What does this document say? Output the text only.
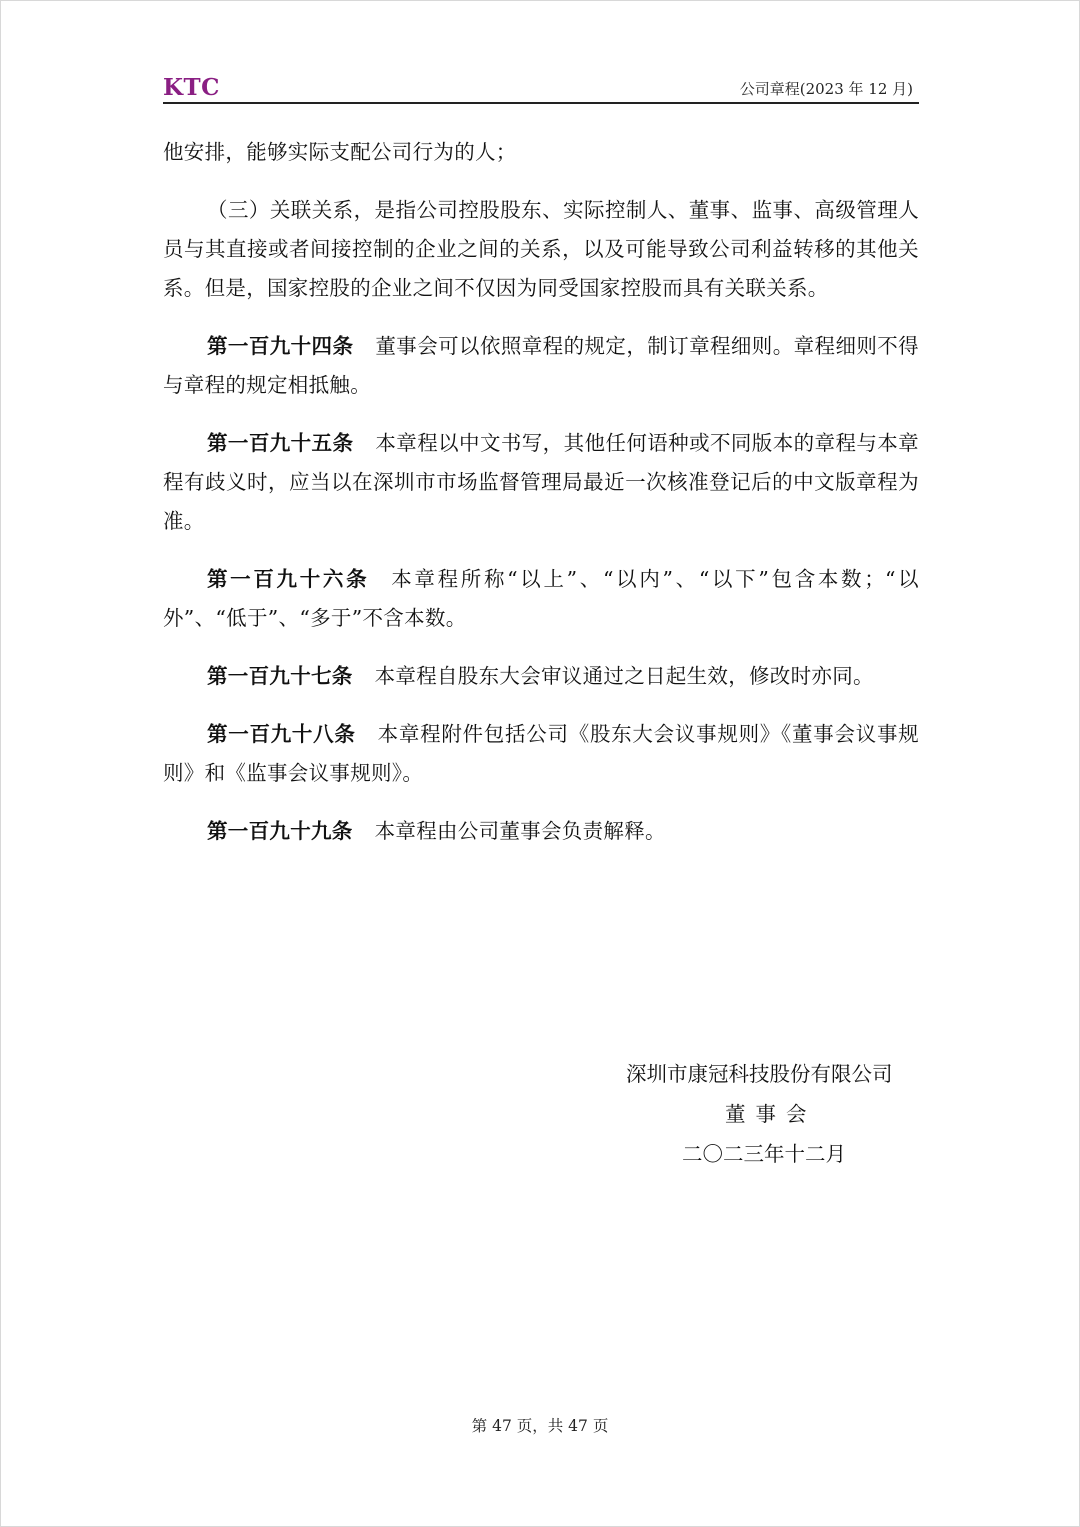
KTC	公司章程(2023 年 12 月)

他安排，能够实际支配公司行为的人；

（三）关联关系，是指公司控股股东、实际控制人、董事、监事、高级管理人员与其直接或者间接控制的企业之间的关系，以及可能导致公司利益转移的其他关系。但是，国家控股的企业之间不仅因为同受国家控股而具有关联关系。

第一百九十四条 董事会可以依照章程的规定，制订章程细则。章程细则不得与章程的规定相抵触。

第一百九十五条 本章程以中文书写，其他任何语种或不同版本的章程与本章程有歧义时，应当以在深圳市市场监督管理局最近一次核准登记后的中文版章程为准。

第一百九十六条 本章程所称“以上”、“以内”、“以下”包含本数；“以外”、“低于”、“多于”不含本数。

第一百九十七条 本章程自股东大会审议通过之日起生效，修改时亦同。

第一百九十八条 本章程附件包括公司《股东大会议事规则》《董事会议事规则》和《监事会议事规则》。

第一百九十九条 本章程由公司董事会负责解释。

深圳市康冠科技股份有限公司
董事会
二〇二三年十二月
第 47 页，共 47 页
